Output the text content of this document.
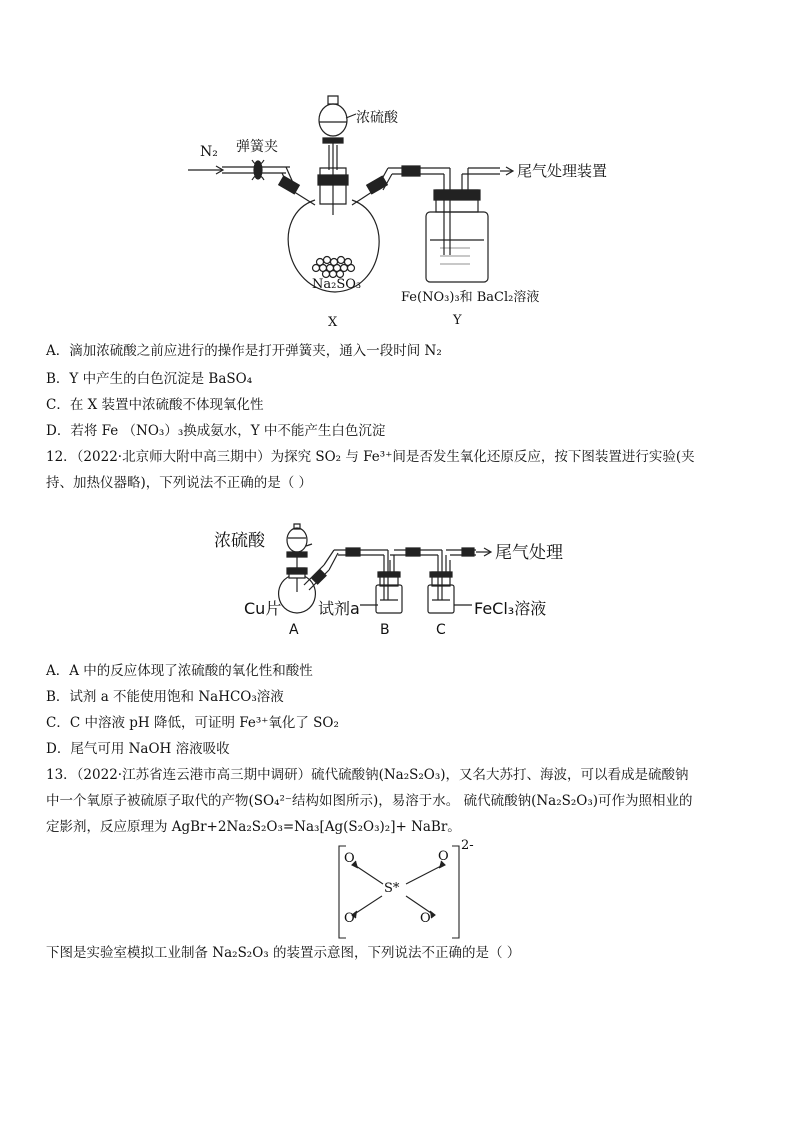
N₂ 弹簧夹
浓硫酸
尾气处理装置
Na₂SO₃
Fe(NO₃)₃和 BaCl₂溶液
X	Y
A．滴加浓硫酸之前应进行的操作是打开弹簧夹，通入一段时间 N₂
B．Y 中产生的白色沉淀是 BaSO₄
C．在 X 装置中浓硫酸不体现氧化性
D．若将 Fe （NO₃）₃换成氨水，Y 中不能产生白色沉淀
12．（2022·北京师大附中高三期中）为探究 SO₂ 与 Fe³⁺间是否发生氧化还原反应，按下图装置进行实验(夹
持、加热仪器略)，下列说法不正确的是（ ）
浓硫酸
尾气处理
Cu片 试剂a	FeCl₃溶液
A	B	C
A．A 中的反应体现了浓硫酸的氧化性和酸性
B．试剂 a 不能使用饱和 NaHCO₃溶液
C．C 中溶液 pH 降低，可证明 Fe³⁺氧化了 SO₂
D．尾气可用 NaOH 溶液吸收
13．（2022·江苏省连云港市高三期中调研）硫代硫酸钠(Na₂S₂O₃)，又名大苏打、海波，可以看成是硫酸钠
中一个氧原子被硫原子取代的产物(SO₄²⁻结构如图所示)，易溶于水。 硫代硫酸钠(Na₂S₂O₃)可作为照相业的
定影剂，反应原理为 AgBr+2Na₂S₂O₃=Na₃[Ag(S₂O₃)₂]+ NaBr。
O	O
O	O
S*
2-
下图是实验室模拟工业制备 Na₂S₂O₃ 的装置示意图，下列说法不正确的是（ ）
